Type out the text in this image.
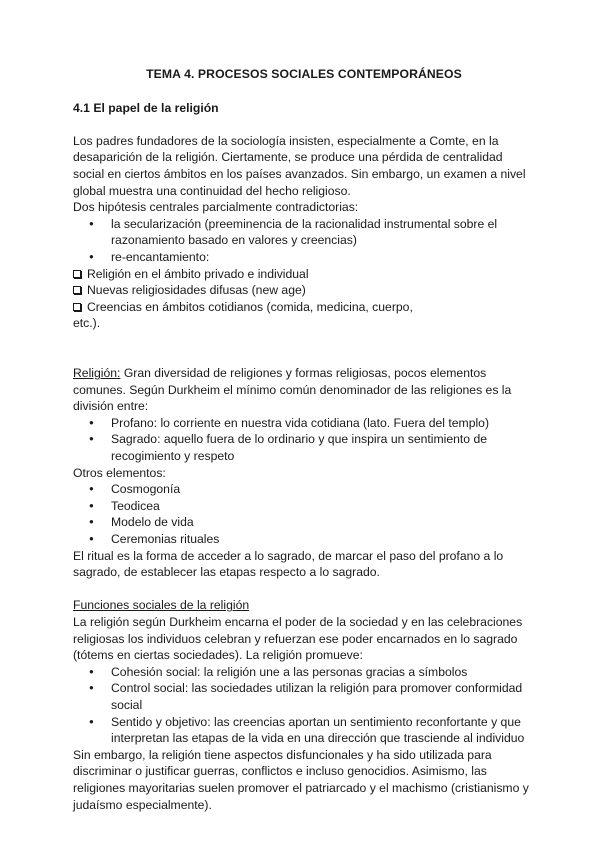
TEMA 4. PROCESOS SOCIALES CONTEMPORÁNEOS
4.1 El papel de la religión

Los padres fundadores de la sociología insisten, especialmente a Comte, en la desaparición de la religión. Ciertamente, se produce una pérdida de centralidad social en ciertos ámbitos en los países avanzados. Sin embargo, un examen a nivel global muestra una continuidad del hecho religioso.

Dos hipótesis centrales parcialmente contradictorias:

● la secularización (preeminencia de la racionalidad instrumental sobre el razonamiento basado en valores y creencias)
● re-encantamiento:
Religión en el ámbito privado e individual
Nuevas religiosidades difusas (new age)
Creencias en ámbitos cotidianos (comida, medicina, cuerpo,

etc.).

Religión: Gran diversidad de religiones y formas religiosas, pocos elementos comunes. Según Durkheim el mínimo común denominador de las religiones es la división entre:

● Profano: lo corriente en nuestra vida cotidiana (lato. Fuera del templo)
● Sagrado: aquello fuera de lo ordinario y que inspira un sentimiento de recogimiento y respeto

Otros elementos:

● Cosmogonía
● Teodicea
● Modelo de vida
● Ceremonias rituales

El ritual es la forma de acceder a lo sagrado, de marcar el paso del profano a lo sagrado, de establecer las etapas respecto a lo sagrado.

Funciones sociales de la religión

La religión según Durkheim encarna el poder de la sociedad y en las celebraciones religiosas los individuos celebran y refuerzan ese poder encarnados en lo sagrado (tótems en ciertas sociedades). La religión promueve:

● Cohesión social: la religión une a las personas gracias a símbolos
● Control social: las sociedades utilizan la religión para promover conformidad social
● Sentido y objetivo: las creencias aportan un sentimiento reconfortante y que interpretan las etapas de la vida en una dirección que trasciende al individuo

Sin embargo, la religión tiene aspectos disfuncionales y ha sido utilizada para discriminar o justificar guerras, conflictos e incluso genocidios. Asimismo, las religiones mayoritarias suelen promover el patriarcado y el machismo (cristianismo y judaísmo especialmente).
